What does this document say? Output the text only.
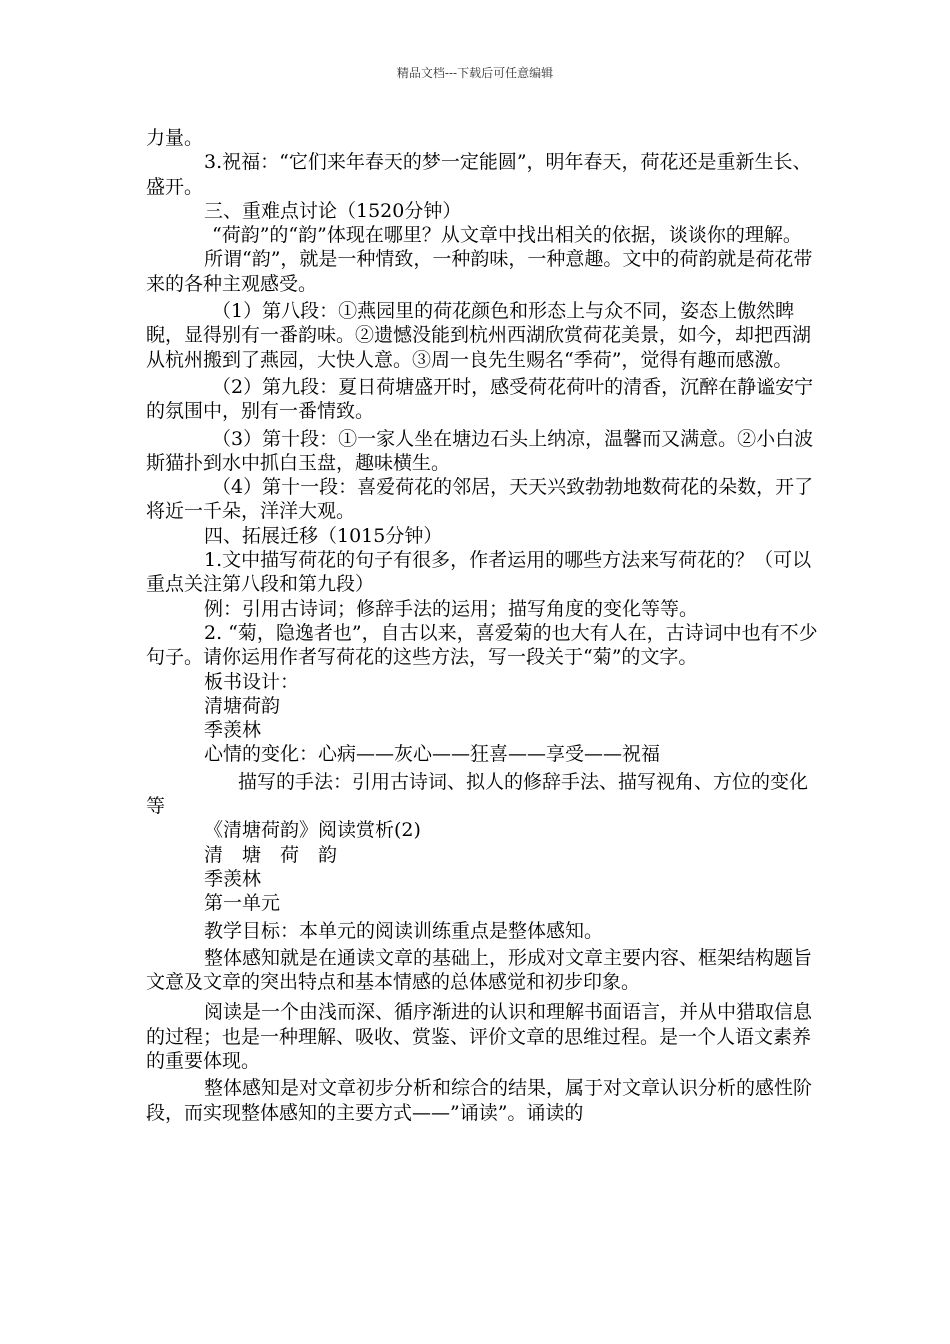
精品文档---下载后可任意编辑

力量。

3.祝福：“它们来年春天的梦一定能圆”，明年春天，荷花还是重新生长、盛开。

三、重难点讨论（1520分钟）

“荷韵”的“韵”体现在哪里？从文章中找出相关的依据，谈谈你的理解。

所谓“韵”，就是一种情致，一种韵味，一种意趣。文中的荷韵就是荷花带来的各种主观感受。

（1）第八段：①燕园里的荷花颜色和形态上与众不同，姿态上傲然睥睨，显得别有一番韵味。②遗憾没能到杭州西湖欣赏荷花美景，如今，却把西湖从杭州搬到了燕园，大快人意。③周一良先生赐名“季荷”，觉得有趣而感激。

（2）第九段：夏日荷塘盛开时，感受荷花荷叶的清香，沉醉在静谧安宁的氛围中，别有一番情致。

（3）第十段：①一家人坐在塘边石头上纳凉，温馨而又满意。②小白波斯猫扑到水中抓白玉盘，趣味横生。

（4）第十一段：喜爱荷花的邻居，天天兴致勃勃地数荷花的朵数，开了将近一千朵，洋洋大观。

四、拓展迁移（1015分钟）

1.文中描写荷花的句子有很多，作者运用的哪些方法来写荷花的？（可以重点关注第八段和第九段）

例：引用古诗词；修辞手法的运用；描写角度的变化等等。

2. “菊，隐逸者也”，自古以来，喜爱菊的也大有人在，古诗词中也有不少句子。请你运用作者写荷花的这些方法，写一段关于“菊”的文字。

板书设计：

清塘荷韵

季羡林

心情的变化：心病——灰心——狂喜——享受——祝福

描写的手法：引用古诗词、拟人的修辞手法、描写视角、方位的变化等

《清塘荷韵》阅读赏析(2)

清　塘　荷　韵

季羡林

第一单元

教学目标：本单元的阅读训练重点是整体感知。

整体感知就是在通读文章的基础上，形成对文章主要内容、框架结构题旨文意及文章的突出特点和基本情感的总体感觉和初步印象。

阅读是一个由浅而深、循序渐进的认识和理解书面语言，并从中猎取信息的过程；也是一种理解、吸收、赏鉴、评价文章的思维过程。是一个人语文素养的重要体现。

整体感知是对文章初步分析和综合的结果，属于对文章认识分析的感性阶段，而实现整体感知的主要方式——”诵读”。诵读的
